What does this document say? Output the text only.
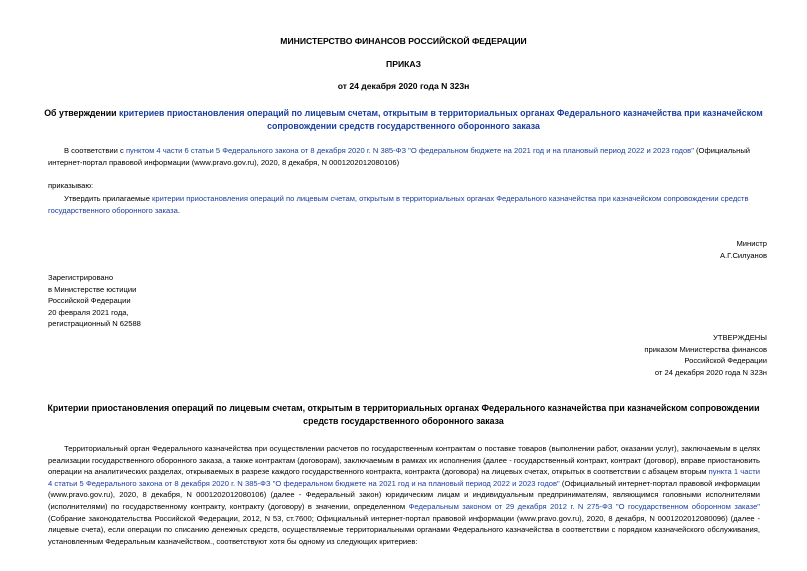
МИНИСТЕРСТВО ФИНАНСОВ РОССИЙСКОЙ ФЕДЕРАЦИИ
ПРИКАЗ
от 24 декабря 2020 года N 323н
Об утверждении критериев приостановления операций по лицевым счетам, открытым в территориальных органах Федерального казначейства при казначейском сопровождении средств государственного оборонного заказа
В соответствии с пунктом 4 части 6 статьи 5 Федерального закона от 8 декабря 2020 г. N 385-ФЗ "О федеральном бюджете на 2021 год и на плановый период 2022 и 2023 годов" (Официальный интернет-портал правовой информации (www.pravo.gov.ru), 2020, 8 декабря, N 0001202012080106)
приказываю:
Утвердить прилагаемые критерии приостановления операций по лицевым счетам, открытым в территориальных органах Федерального казначейства при казначейском сопровождении средств государственного оборонного заказа.
Министр
А.Г.Силуанов
Зарегистрировано
в Министерстве юстиции
Российской Федерации
20 февраля 2021 года,
регистрационный N 62588
УТВЕРЖДЕНЫ
приказом Министерства финансов
Российской Федерации
от 24 декабря 2020 года N 323н
Критерии приостановления операций по лицевым счетам, открытым в территориальных органах Федерального казначейства при казначейском сопровождении средств государственного оборонного заказа
Территориальный орган Федерального казначейства при осуществлении расчетов по государственным контрактам о поставке товаров (выполнении работ, оказании услуг), заключаемым в целях реализации государственного оборонного заказа, а также контрактам (договорам), заключаемым в рамках их исполнения (далее - государственный контракт, контракт (договор), вправе приостановить операции на аналитических разделах, открываемых в разрезе каждого государственного контракта, контракта (договора) на лицевых счетах, открытых в соответствии с абзацем вторым пункта 1 части 4 статьи 5 Федерального закона от 8 декабря 2020 г. N 385-ФЗ "О федеральном бюджете на 2021 год и на плановый период 2022 и 2023 годов" (Официальный интернет-портал правовой информации (www.pravo.gov.ru), 2020, 8 декабря, N 0001202012080106) (далее - Федеральный закон) юридическим лицам и индивидуальным предпринимателям, являющимся головными исполнителями (исполнителями) по государственному контракту, контракту (договору) в значении, определенном Федеральным законом от 29 декабря 2012 г. N 275-ФЗ "О государственном оборонном заказе" (Собрание законодательства Российской Федерации, 2012, N 53, ст.7600; Официальный интернет-портал правовой информации (www.pravo.gov.ru), 2020, 8 декабря, N 0001202012080096) (далее - лицевые счета), если операции по списанию денежных средств, осуществляемые территориальными органами Федерального казначейства в соответствии с порядком казначейского обслуживания, установленным Федеральным казначейством., соответствуют хотя бы одному из следующих критериев:
